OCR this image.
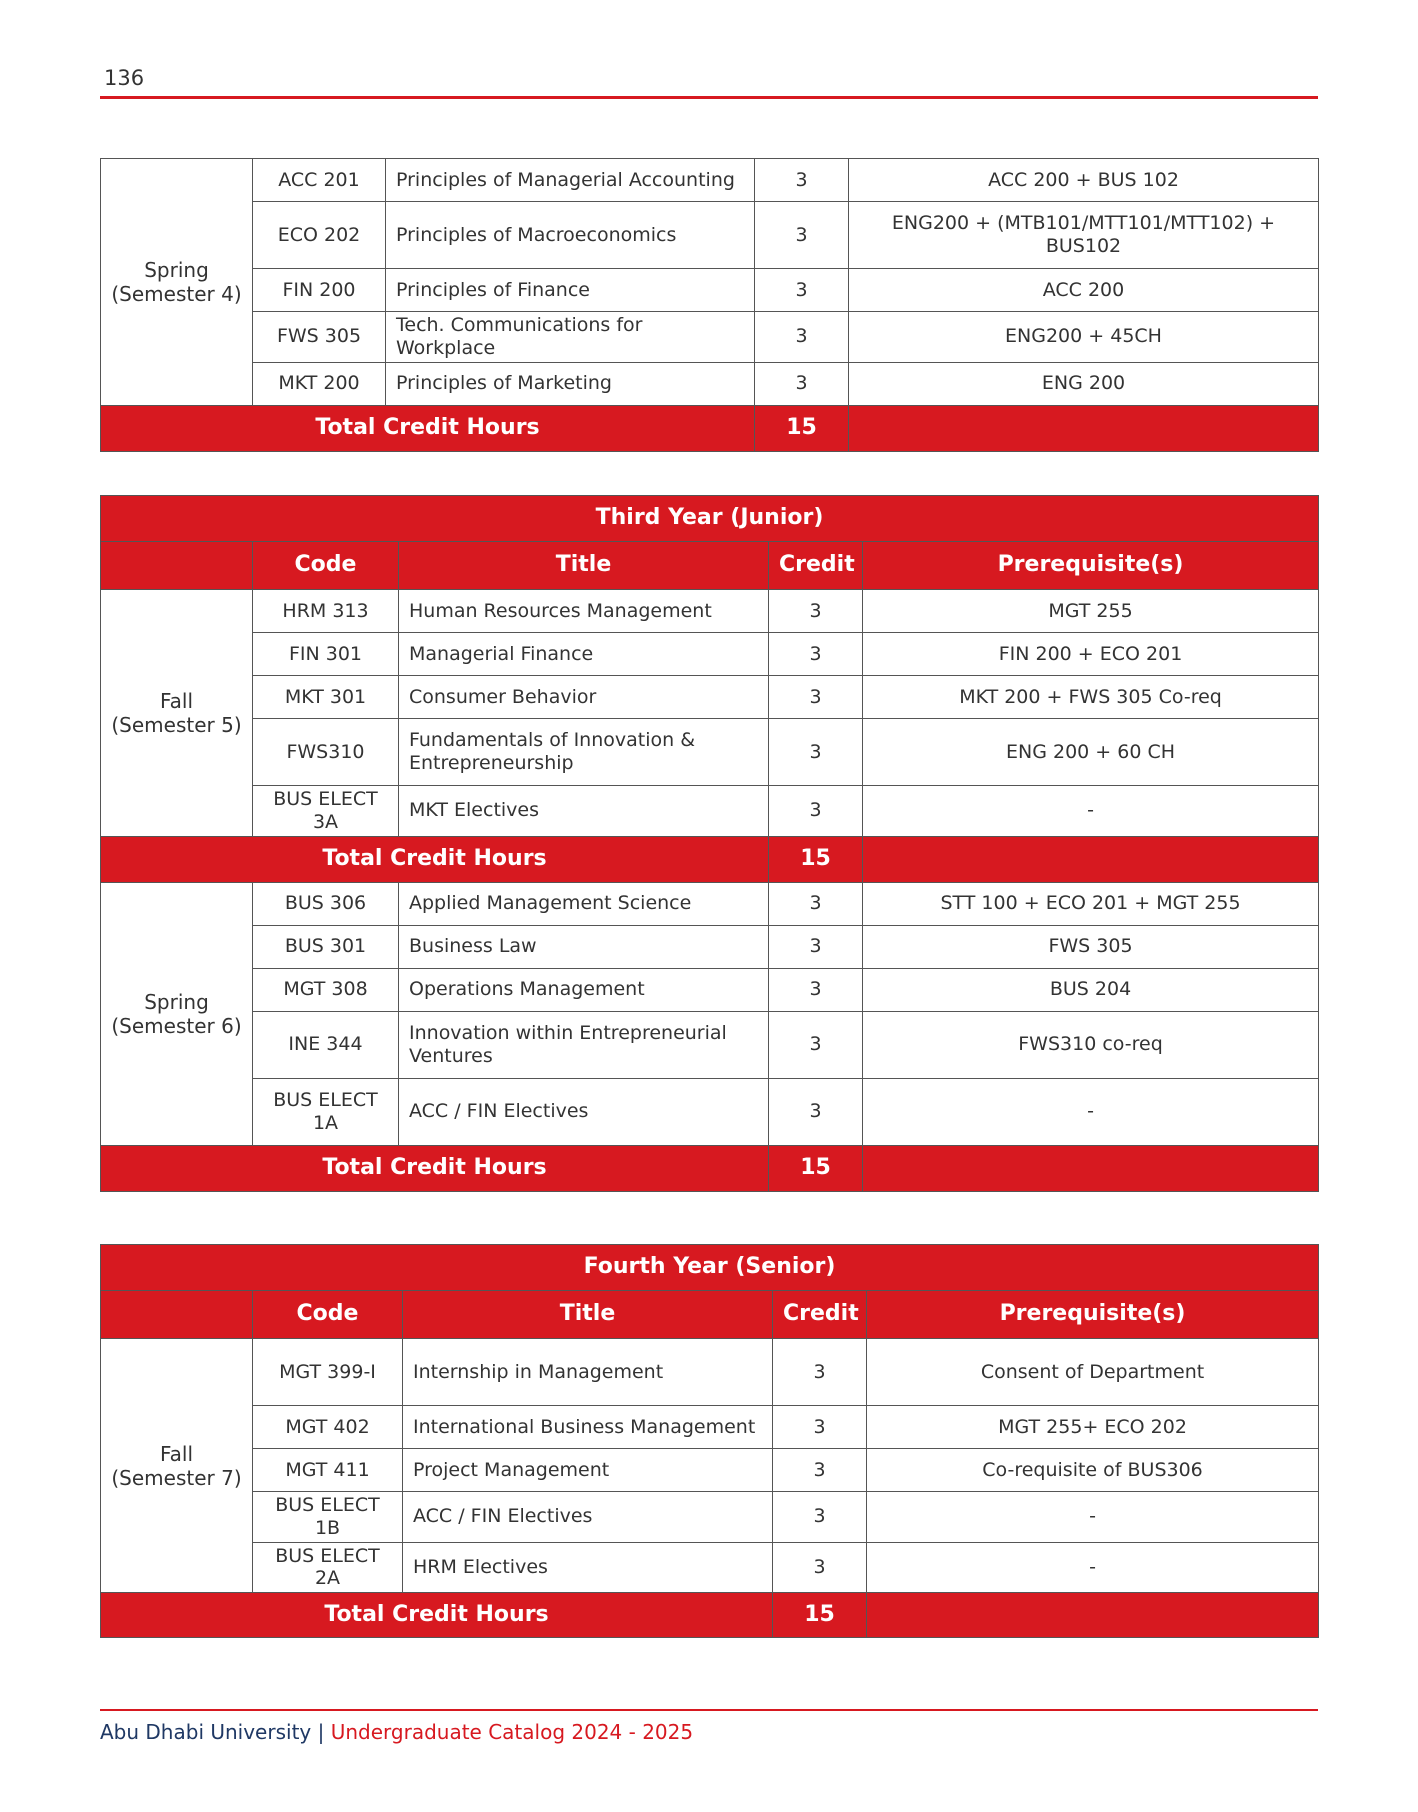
136
Spring
(Semester 4)	ACC 201	Principles of Managerial Accounting	3	ACC 200 + BUS 102
	ECO 202	Principles of Macroeconomics	3	ENG200 + (MTB101/MTT101/MTT102) + BUS102
	FIN 200	Principles of Finance	3	ACC 200
	FWS 305	Tech. Communications for Workplace	3	ENG200 + 45CH
	MKT 200	Principles of Marketing	3	ENG 200
Total Credit Hours			15	
Third Year (Junior)				
	Code	Title	Credit	Prerequisite(s)

Fall
(Semester 5)	HRM 313	Human Resources Management	3	MGT 255
	FIN 301	Managerial Finance	3	FIN 200 + ECO 201
	MKT 301	Consumer Behavior	3	MKT 200 + FWS 305 Co-req
	FWS310	Fundamentals of Innovation & Entrepreneurship	3	ENG 200 + 60 CH
	BUS ELECT 3A	MKT Electives	3	-
Total Credit Hours			15	

Spring
(Semester 6)	BUS 306	Applied Management Science	3	STT 100 + ECO 201 + MGT 255
	BUS 301	Business Law	3	FWS 305
	MGT 308	Operations Management	3	BUS 204
	INE 344	Innovation within Entrepreneurial Ventures	3	FWS310 co-req
	BUS ELECT 1A	ACC / FIN Electives	3	-
Total Credit Hours			15	
Fourth Year (Senior)				
	Code	Title	Credit	Prerequisite(s)

Fall
(Semester 7)	MGT 399-I	Internship in Management	3	Consent of Department
	MGT 402	International Business Management	3	MGT 255+ ECO 202
	MGT 411	Project Management	3	Co-requisite of BUS306
	BUS ELECT 1B	ACC / FIN Electives	3	-
	BUS ELECT 2A	HRM Electives	3	-
Total Credit Hours			15	
Abu Dhabi University | Undergraduate Catalog 2024 - 2025
